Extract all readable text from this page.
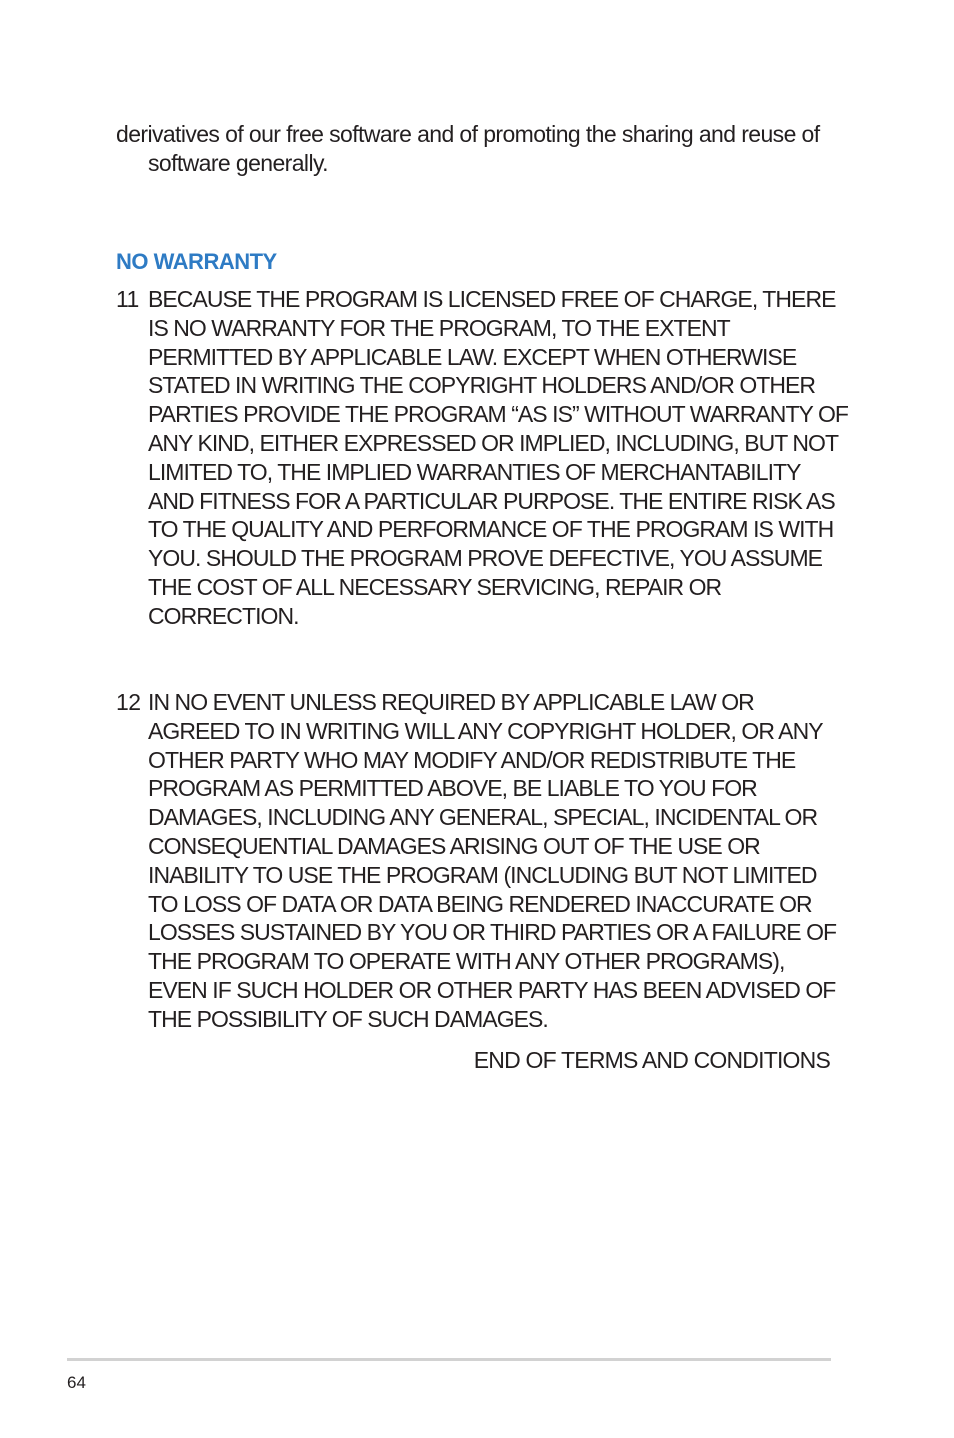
derivatives of our free software and of promoting the sharing and reuse of software generally.

NO WARRANTY
11 BECAUSE THE PROGRAM IS LICENSED FREE OF CHARGE, THERE IS NO WARRANTY FOR THE PROGRAM, TO THE EXTENT PERMITTED BY APPLICABLE LAW. EXCEPT WHEN OTHERWISE STATED IN WRITING THE COPYRIGHT HOLDERS AND/OR OTHER PARTIES PROVIDE THE PROGRAM “AS IS” WITHOUT WARRANTY OF ANY KIND, EITHER EXPRESSED OR IMPLIED, INCLUDING, BUT NOT LIMITED TO, THE IMPLIED WARRANTIES OF MERCHANTABILITY AND FITNESS FOR A PARTICULAR PURPOSE. THE ENTIRE RISK AS TO THE QUALITY AND PERFORMANCE OF THE PROGRAM IS WITH YOU. SHOULD THE PROGRAM PROVE DEFECTIVE, YOU ASSUME THE COST OF ALL NECESSARY SERVICING, REPAIR OR CORRECTION.

12 IN NO EVENT UNLESS REQUIRED BY APPLICABLE LAW OR AGREED TO IN WRITING WILL ANY COPYRIGHT HOLDER, OR ANY OTHER PARTY WHO MAY MODIFY AND/OR REDISTRIBUTE THE PROGRAM AS PERMITTED ABOVE, BE LIABLE TO YOU FOR DAMAGES, INCLUDING ANY GENERAL, SPECIAL, INCIDENTAL OR CONSEQUENTIAL DAMAGES ARISING OUT OF THE USE OR INABILITY TO USE THE PROGRAM (INCLUDING BUT NOT LIMITED TO LOSS OF DATA OR DATA BEING RENDERED INACCURATE OR LOSSES SUSTAINED BY YOU OR THIRD PARTIES OR A FAILURE OF THE PROGRAM TO OPERATE WITH ANY OTHER PROGRAMS), EVEN IF SUCH HOLDER OR OTHER PARTY HAS BEEN ADVISED OF THE POSSIBILITY OF SUCH DAMAGES.

END OF TERMS AND CONDITIONS

64
